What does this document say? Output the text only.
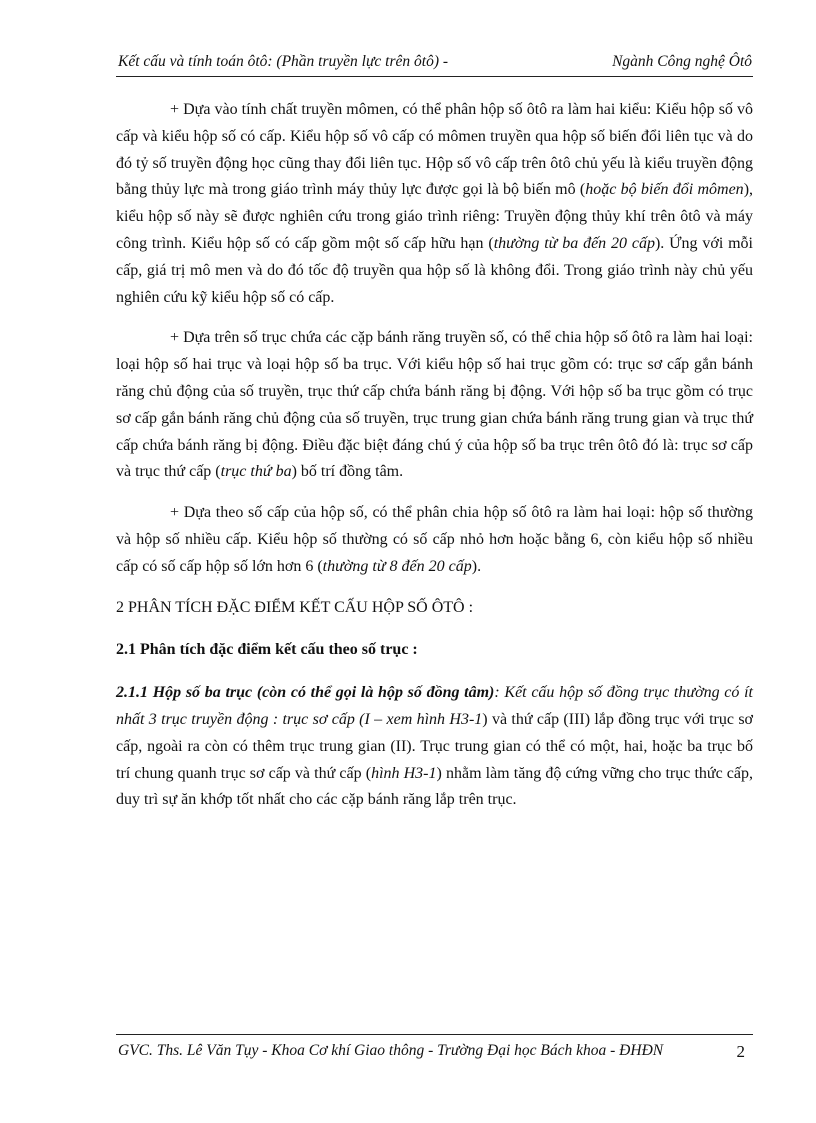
Kết cấu và tính toán ôtô: (Phần truyền lực trên ôtô) -	Ngành Công nghệ Ôtô

+ Dựa vào tính chất truyền mômen, có thể phân hộp số ôtô ra làm hai kiểu: Kiểu hộp số vô cấp và kiểu hộp số có cấp. Kiểu hộp số vô cấp có mômen truyền qua hộp số biến đổi liên tục và do đó tỷ số truyền động học cũng thay đổi liên tục. Hộp số vô cấp trên ôtô chủ yếu là kiểu truyền động bằng thủy lực mà trong giáo trình máy thủy lực được gọi là bộ biến mô (hoặc bộ biến đổi mômen), kiểu hộp số này sẽ được nghiên cứu trong giáo trình riêng: Truyền động thủy khí trên ôtô và máy công trình. Kiểu hộp số có cấp gồm một số cấp hữu hạn (thường từ ba đến 20 cấp). Ứng với mỗi cấp, giá trị mô men và do đó tốc độ truyền qua hộp số là không đổi. Trong giáo trình này chủ yếu nghiên cứu kỹ kiểu hộp số có cấp.

+ Dựa trên số trục chứa các cặp bánh răng truyền số, có thể chia hộp số ôtô ra làm hai loại: loại hộp số hai trục và loại hộp số ba trục. Với kiểu hộp số hai trục gồm có: trục sơ cấp gắn bánh răng chủ động của số truyền, trục thứ cấp chứa bánh răng bị động. Với hộp số ba trục gồm có trục sơ cấp gắn bánh răng chủ động của số truyền, trục trung gian chứa bánh răng trung gian và trục thứ cấp chứa bánh răng bị động. Điều đặc biệt đáng chú ý của hộp số ba trục trên ôtô đó là: trục sơ cấp và trục thứ cấp (trục thứ ba) bố trí đồng tâm.

+ Dựa theo số cấp của hộp số, có thể phân chia hộp số ôtô ra làm hai loại: hộp số thường và hộp số nhiều cấp. Kiểu hộp số thường có số cấp nhỏ hơn hoặc bằng 6, còn kiểu hộp số nhiều cấp có số cấp hộp số lớn hơn 6 (thường từ 8 đến 20 cấp).

2 PHÂN TÍCH ĐẶC ĐIỂM KẾT CẤU HỘP SỐ ÔTÔ :

2.1 Phân tích đặc điểm kết cấu theo số trục :

2.1.1 Hộp số ba trục (còn có thể gọi là hộp số đồng tâm): Kết cấu hộp số đồng trục thường có ít nhất 3 trục truyền động : trục sơ cấp (I – xem hình H3-1) và thứ cấp (III) lắp đồng trục với trục sơ cấp, ngoài ra còn có thêm trục trung gian (II). Trục trung gian có thể có một, hai, hoặc ba trục bố trí chung quanh trục sơ cấp và thứ cấp (hình H3-1) nhằm làm tăng độ cứng vững cho trục thức cấp, duy trì sự ăn khớp tốt nhất cho các cặp bánh răng lắp trên trục.

GVC. Ths. Lê Văn Tụy - Khoa Cơ khí Giao thông - Trường Đại học Bách khoa - ĐHĐN	2
